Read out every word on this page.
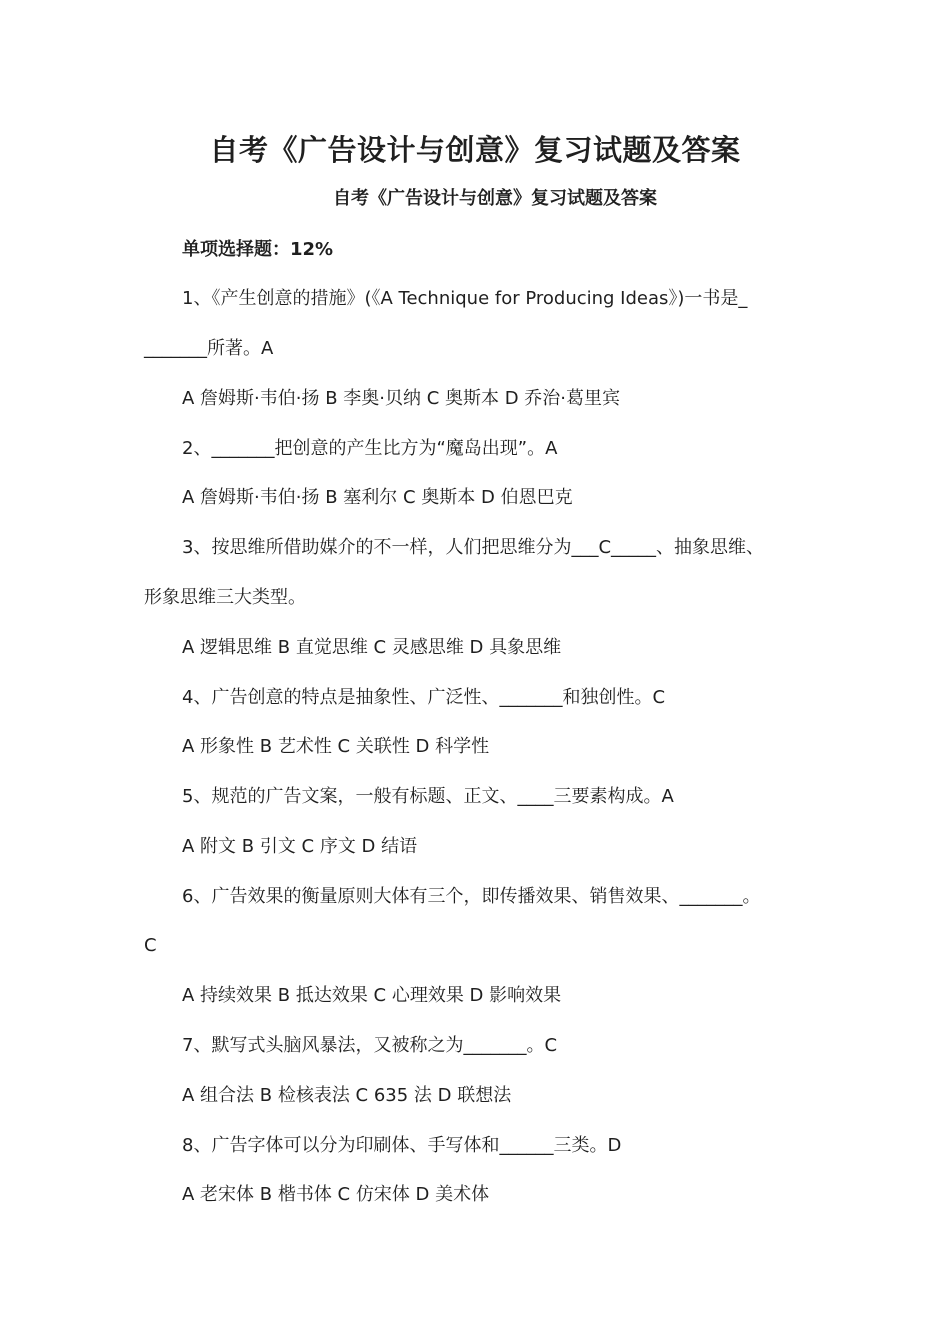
自考《广告设计与创意》复习试题及答案
自考《广告设计与创意》复习试题及答案
单项选择题：12%
1、《产生创意的措施》(《A Technique for Producing Ideas》)一书是_
_______所著。A
A 詹姆斯·韦伯·扬 B 李奥·贝纳 C 奥斯本 D 乔治·葛里宾
2、_______把创意的产生比方为“魔岛出现”。A
A 詹姆斯·韦伯·扬 B 塞利尔 C 奥斯本 D 伯恩巴克
3、按思维所借助媒介的不一样，人们把思维分为___C_____、抽象思维、
形象思维三大类型。
A 逻辑思维 B 直觉思维 C 灵感思维 D 具象思维
4、广告创意的特点是抽象性、广泛性、_______和独创性。C
A 形象性 B 艺术性 C 关联性 D 科学性
5、规范的广告文案，一般有标题、正文、____三要素构成。A
A 附文 B 引文 C 序文 D 结语
6、广告效果的衡量原则大体有三个，即传播效果、销售效果、_______。
C
A 持续效果 B 抵达效果 C 心理效果 D 影响效果
7、默写式头脑风暴法，又被称之为_______。C
A 组合法 B 检核表法 C 635 法 D 联想法
8、广告字体可以分为印刷体、手写体和______三类。D
A 老宋体 B 楷书体 C 仿宋体 D 美术体
